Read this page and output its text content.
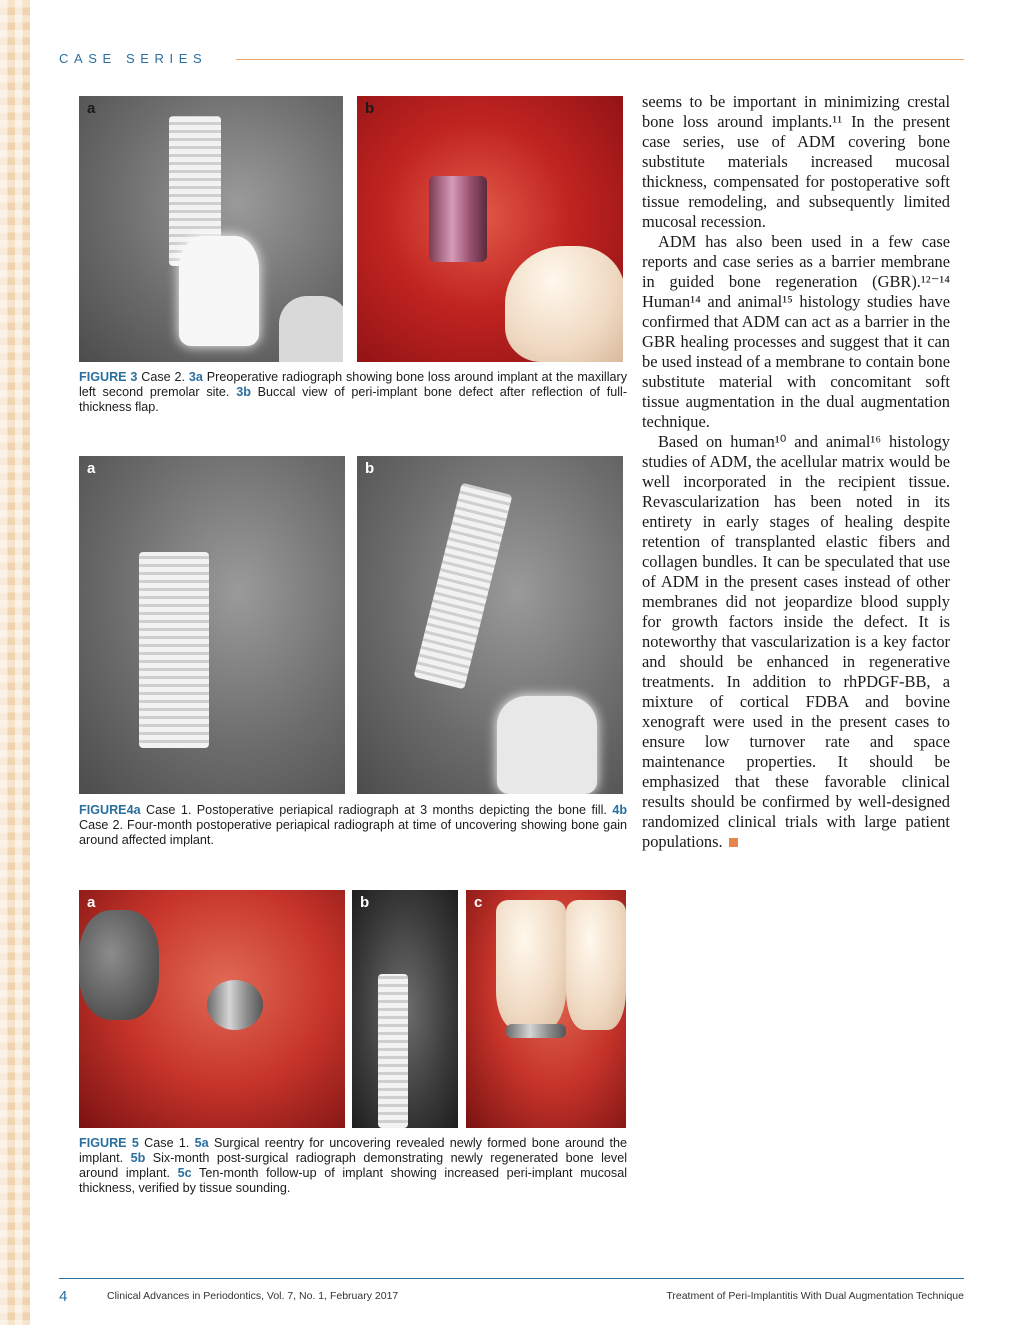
CASE SERIES
a	b
FIGURE 3 Case 2. 3a Preoperative radiograph showing bone loss around implant at the maxillary left second premolar site. 3b Buccal view of peri-implant bone defect after reflection of full-thickness flap.
a	b
FIGURE4a Case 1. Postoperative periapical radiograph at 3 months depicting the bone fill. 4b Case 2. Four-month postoperative periapical radiograph at time of uncovering showing bone gain around affected implant.
a	b	c
FIGURE 5 Case 1. 5a Surgical reentry for uncovering revealed newly formed bone around the implant. 5b Six-month post-surgical radiograph demonstrating newly regenerated bone level around implant. 5c Ten-month follow-up of implant showing increased peri-implant mucosal thickness, verified by tissue sounding.

seems to be important in minimizing crestal bone loss around implants.¹¹ In the present case series, use of ADM covering bone substitute materials increased mucosal thickness, compensated for postoperative soft tissue remodeling, and subsequently limited mucosal recession.

ADM has also been used in a few case reports and case series as a barrier membrane in guided bone regeneration (GBR).¹²⁻¹⁴ Human¹⁴ and animal¹⁵ histology studies have confirmed that ADM can act as a barrier in the GBR healing processes and suggest that it can be used instead of a membrane to contain bone substitute material with concomitant soft tissue augmentation in the dual augmentation technique.

Based on human¹⁰ and animal¹⁶ histology studies of ADM, the acellular matrix would be well incorporated in the recipient tissue. Revascularization has been noted in its entirety in early stages of healing despite retention of transplanted elastic fibers and collagen bundles. It can be speculated that use of ADM in the present cases instead of other membranes did not jeopardize blood supply for growth factors inside the defect. It is noteworthy that vascularization is a key factor and should be enhanced in regenerative treatments. In addition to rhPDGF-BB, a mixture of cortical FDBA and bovine xenograft were used in the present cases to ensure low turnover rate and space maintenance properties. It should be emphasized that these favorable clinical results should be confirmed by well-designed randomized clinical trials with large patient populations.

4	Clinical Advances in Periodontics, Vol. 7, No. 1, February 2017	Treatment of Peri-Implantitis With Dual Augmentation Technique
